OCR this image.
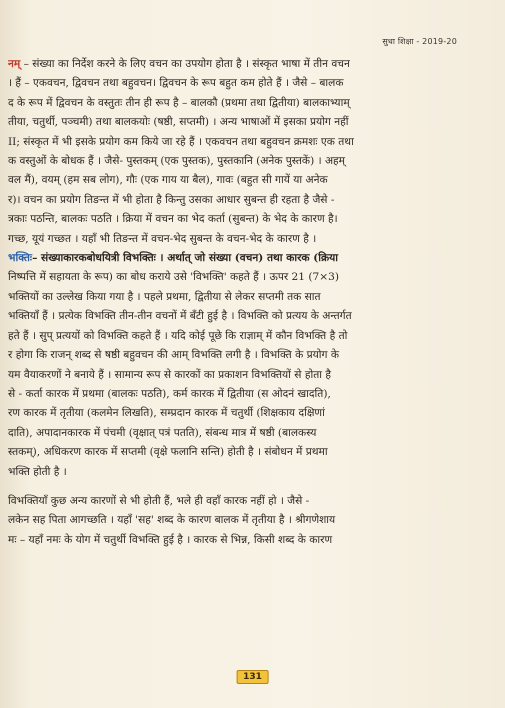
सुधा शिक्षा - 2019-20

नम् – संख्या का निर्देश करने के लिए वचन का उपयोग होता है । संस्कृत भाषा में तीन वचन

। हैं – एकवचन, द्विवचन तथा बहुवचन। द्विवचन के रूप बहुत कम होते हैं । जैसे – बालक

द के रूप में द्विवचन के वस्तुतः तीन ही रूप है – बालकौ (प्रथमा तथा द्वितीया) बालकाभ्याम्

तीया, चतुर्थी, पञ्चमी) तथा बालकयोः (षष्ठी, सप्तमी) । अन्य भाषाओं में इसका प्रयोग नहीं

II; संस्कृत में भी इसके प्रयोग कम किये जा रहे हैं । एकवचन तथा बहुवचन क्रमशः एक तथा

क वस्तुओं के बोधक हैं । जैसे- पुस्तकम् (एक पुस्तक), पुस्तकानि (अनेक पुस्तकें) । अहम्

वल मैं), वयम् (हम सब लोग), गौः (एक गाय या बैल), गावः (बहुत सी गायें या अनेक

र)। वचन का प्रयोग तिङन्त में भी होता है किन्तु उसका आधार सुबन्त ही रहता है जैसे -

त्रकाः पठन्ति, बालकः पठति । क्रिया में वचन का भेद कर्ता (सुबन्त) के भेद के कारण है।

गच्छ, यूयं गच्छत । यहाँ भी तिङन्त में वचन-भेद सुबन्त के वचन-भेद के कारण है ।

भक्तिः– संख्याकारकबोधयित्री विभक्तिः । अर्थात् जो संख्या (वचन) तथा कारक (क्रिया

निष्पत्ति में सहायता के रूप) का बोध कराये उसे 'विभक्ति' कहते हैं । ऊपर 21 (7×3)

भक्तियों का उल्लेख किया गया है । पहले प्रथमा, द्वितीया से लेकर सप्तमी तक सात

भक्तियाँ हैं । प्रत्येक विभक्ति तीन-तीन वचनों में बँटी हुई है । विभक्ति को प्रत्यय के अन्तर्गत

हते हैं । सुप् प्रत्ययों को विभक्ति कहते हैं । यदि कोई पूछे कि राज्ञाम् में कौन विभक्ति है तो

र होगा कि राजन् शब्द से षष्ठी बहुवचन की आम् विभक्ति लगी है । विभक्ति के प्रयोग के

यम वैयाकरणों ने बनाये हैं । सामान्य रूप से कारकों का प्रकाशन विभक्तियों से होता है

से - कर्ता कारक में प्रथमा (बालकः पठति), कर्म कारक में द्वितीया (स ओदनं खादति),

रण कारक में तृतीया (कलमेन लिखति), सम्प्रदान कारक में चतुर्थी (शिक्षकाय दक्षिणां

दाति), अपादानकारक में पंचमी (वृक्षात् पत्रं पतति), संबन्ध मात्र में षष्ठी (बालकस्य

स्तकम्), अधिकरण कारक में सप्तमी (वृक्षे फलानि सन्ति) होती है । संबोधन में प्रथमा

भक्ति होती है ।

विभक्तियाँ कुछ अन्य कारणों से भी होती हैं, भले ही वहाँ कारक नहीं हो । जैसे -

लकेन सह पिता आगच्छति । यहाँ 'सह' शब्द के कारण बालक में तृतीया है । श्रीगणेशाय

मः – यहाँ नमः के योग में चतुर्थी विभक्ति हुई है । कारक से भिन्न, किसी शब्द के कारण

131
